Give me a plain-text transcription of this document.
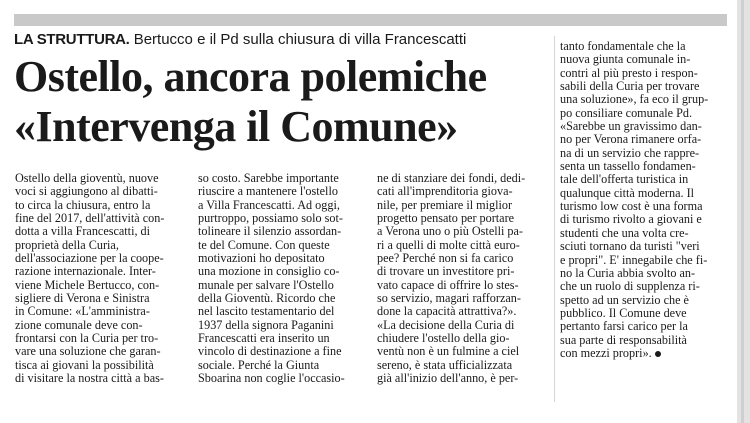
LA STRUTTURA. Bertucco e il Pd sulla chiusura di villa Francescatti
Ostello, ancora polemiche
«Intervenga il Comune»
Ostello della gioventù, nuove
voci si aggiungono al dibatti-
to circa la chiusura, entro la
fine del 2017, dell'attività con-
dotta a villa Francescatti, di
proprietà della Curia,
dell'associazione per la coope-
razione internazionale. Inter-
viene Michele Bertucco, con-
sigliere di Verona e Sinistra
in Comune: «L'amministra-
zione comunale deve con-
frontarsi con la Curia per tro-
vare una soluzione che garan-
tisca ai giovani la possibilità
di visitare la nostra città a bas-
so costo. Sarebbe importante
riuscire a mantenere l'ostello
a Villa Francescatti. Ad oggi,
purtroppo, possiamo solo sot-
tolineare il silenzio assordan-
te del Comune. Con queste
motivazioni ho depositato
una mozione in consiglio co-
munale per salvare l'Ostello
della Gioventù. Ricordo che
nel lascito testamentario del
1937 della signora Paganini
Francescatti era inserito un
vincolo di destinazione a fine
sociale. Perché la Giunta
Sboarina non coglie l'occasio-
ne di stanziare dei fondi, dedi-
cati all'imprenditoria giova-
nile, per premiare il miglior
progetto pensato per portare
a Verona uno o più Ostelli pa-
ri a quelli di molte città euro-
pee? Perché non si fa carico
di trovare un investitore pri-
vato capace di offrire lo stes-
so servizio, magari rafforzan-
done la capacità attrattiva?».
«La decisione della Curia di
chiudere l'ostello della gio-
ventù non è un fulmine a ciel
sereno, è stata ufficializzata
già all'inizio dell'anno, è per-
tanto fondamentale che la
nuova giunta comunale in-
contri al più presto i respon-
sabili della Curia per trovare
una soluzione», fa eco il grup-
po consiliare comunale Pd.
«Sarebbe un gravissimo dan-
no per Verona rimanere orfa-
na di un servizio che rappre-
senta un tassello fondamen-
tale dell'offerta turistica in
qualunque città moderna. Il
turismo low cost è una forma
di turismo rivolto a giovani e
studenti che una volta cre-
sciuti tornano da turisti "veri
e propri". E' innegabile che fi-
no la Curia abbia svolto an-
che un ruolo di supplenza ri-
spetto ad un servizio che è
pubblico. Il Comune deve
pertanto farsi carico per la
sua parte di responsabilità
con mezzi propri».
